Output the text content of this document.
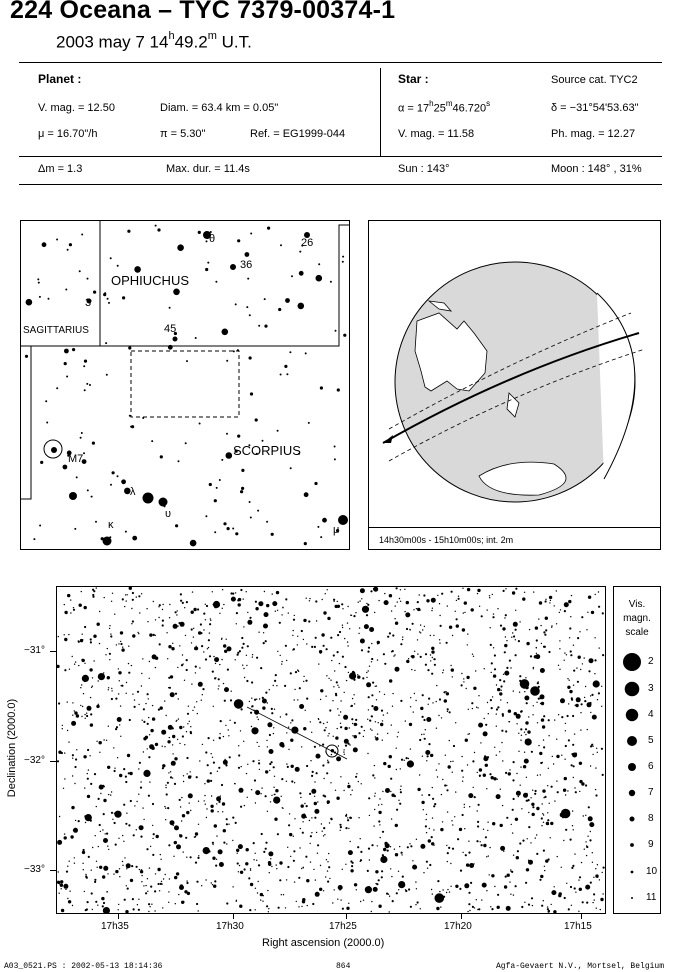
224 Oceana – TYC 7379-00374-1
2003 may 7 14$^h$49.2$^m$ U.T.
Planet :
V. mag. = 12.50	Diam. = 63.4 km = 0.05"
μ = 16.70"/h	π = 5.30"	Ref. = EG1999-044
Δm = 1.3	Max. dur. = 11.4s
Star :	Source cat. TYC2
$\alpha = 17^h25^m46.720^s$	δ = −31°54'53.63"
V. mag. = 11.58	Ph. mag. = 12.27
Sun : 143°	Moon : 148° , 31%
OPHIUCHUS
SAGITTARIUS
SCORPIUS
θ	26
36
3
45
M7
λ
υ
κ	μ
14h30m00s - 15h10m00s; int. 2m
−31°
−32°
−33°
17h35	17h30	17h25	17h20	17h15
Right ascension (2000.0)
Declination (2000.0)
Vis.
magn.
scale
2
3
4
5
6
7
8
9
10
11
A03_0521.PS : 2002-05-13 18:14:36	864	Agfa-Gevaert N.V., Mortsel, Belgium
